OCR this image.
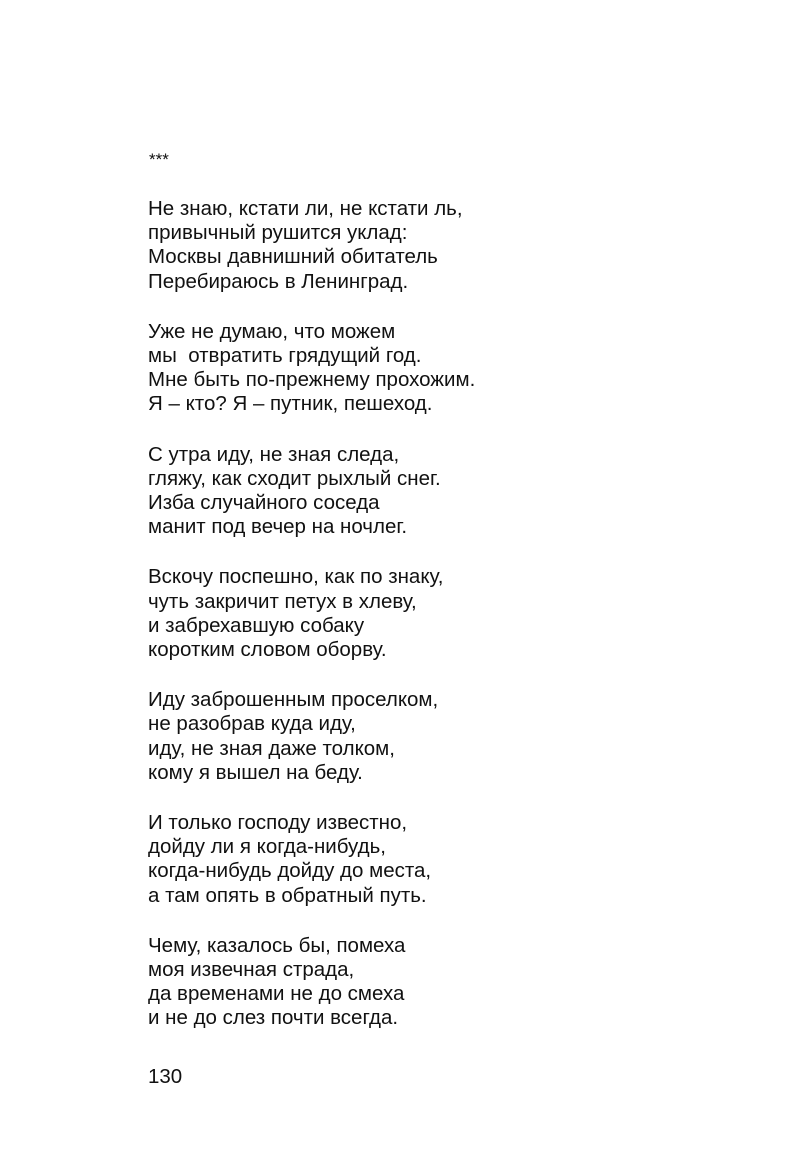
***
Не знаю, кстати ли, не кстати ль,
привычный рушится уклад:
Москвы давнишний обитатель
Перебираюсь в Ленинград.
Уже не думаю, что можем
мы  отвратить грядущий год.
Мне быть по-прежнему прохожим.
Я – кто? Я – путник, пешеход.
С утра иду, не зная следа,
гляжу, как сходит рыхлый снег.
Изба случайного соседа
манит под вечер на ночлег.
Вскочу поспешно, как по знаку,
чуть закричит петух в хлеву,
и забрехавшую собаку
коротким словом оборву.
Иду заброшенным проселком,
не разобрав куда иду,
иду, не зная даже толком,
кому я вышел на беду.
И только господу известно,
дойду ли я когда-нибудь,
когда-нибудь дойду до места,
а там опять в обратный путь.
Чему, казалось бы, помеха
моя извечная страда,
да временами не до смеха
и не до слез почти всегда.
130
